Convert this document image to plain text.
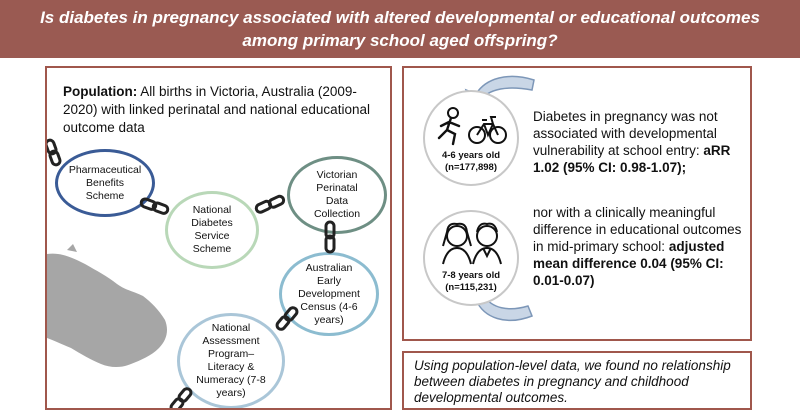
Is diabetes in pregnancy associated with altered developmental or educational outcomes
among primary school aged offspring?
Population: All births in Victoria, Australia (2009-2020) with linked perinatal and national educational outcome data
Pharmaceutical
Benefits
Scheme
National
Diabetes
Service
Scheme
Victorian
Perinatal
Data
Collection
Australian
Early
Development
Census (4-6
years)
National
Assessment
Program–
Literacy &
Numeracy (7-8
years)
4-6 years old
(n=177,898)
7-8 years old
(n=115,231)
Diabetes in pregnancy was not associated with developmental vulnerability at school entry: aRR 1.02 (95% CI: 0.98-1.07);
nor with a clinically meaningful difference in educational outcomes in mid-primary school: adjusted mean difference 0.04 (95% CI: 0.01-0.07)
Using population-level data, we found no relationship between diabetes in pregnancy and childhood developmental outcomes.
